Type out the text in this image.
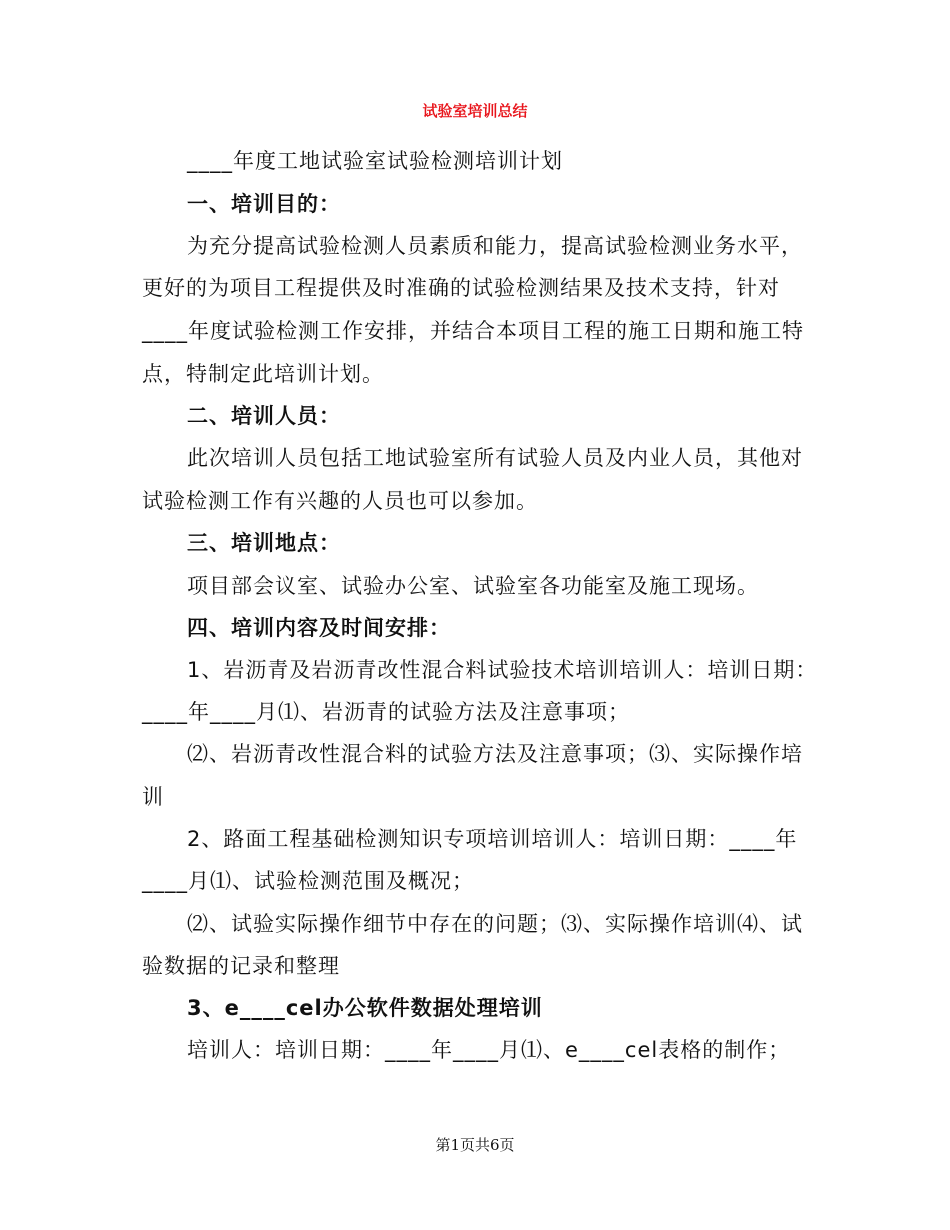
试验室培训总结
____年度工地试验室试验检测培训计划
一、培训目的：
为充分提高试验检测人员素质和能力，提高试验检测业务水平，
更好的为项目工程提供及时准确的试验检测结果及技术支持，针对
____年度试验检测工作安排，并结合本项目工程的施工日期和施工特
点，特制定此培训计划。
二、培训人员：
此次培训人员包括工地试验室所有试验人员及内业人员，其他对
试验检测工作有兴趣的人员也可以参加。
三、培训地点：
项目部会议室、试验办公室、试验室各功能室及施工现场。
四、培训内容及时间安排：
1、岩沥青及岩沥青改性混合料试验技术培训培训人：培训日期：
____年____月⑴、岩沥青的试验方法及注意事项；
⑵、岩沥青改性混合料的试验方法及注意事项；⑶、实际操作培
训
2、路面工程基础检测知识专项培训培训人：培训日期：____年
____月⑴、试验检测范围及概况；
⑵、试验实际操作细节中存在的问题；⑶、实际操作培训⑷、试
验数据的记录和整理
3、e____cel办公软件数据处理培训
培训人：培训日期：____年____月⑴、e____cel表格的制作；
第1页共6页
